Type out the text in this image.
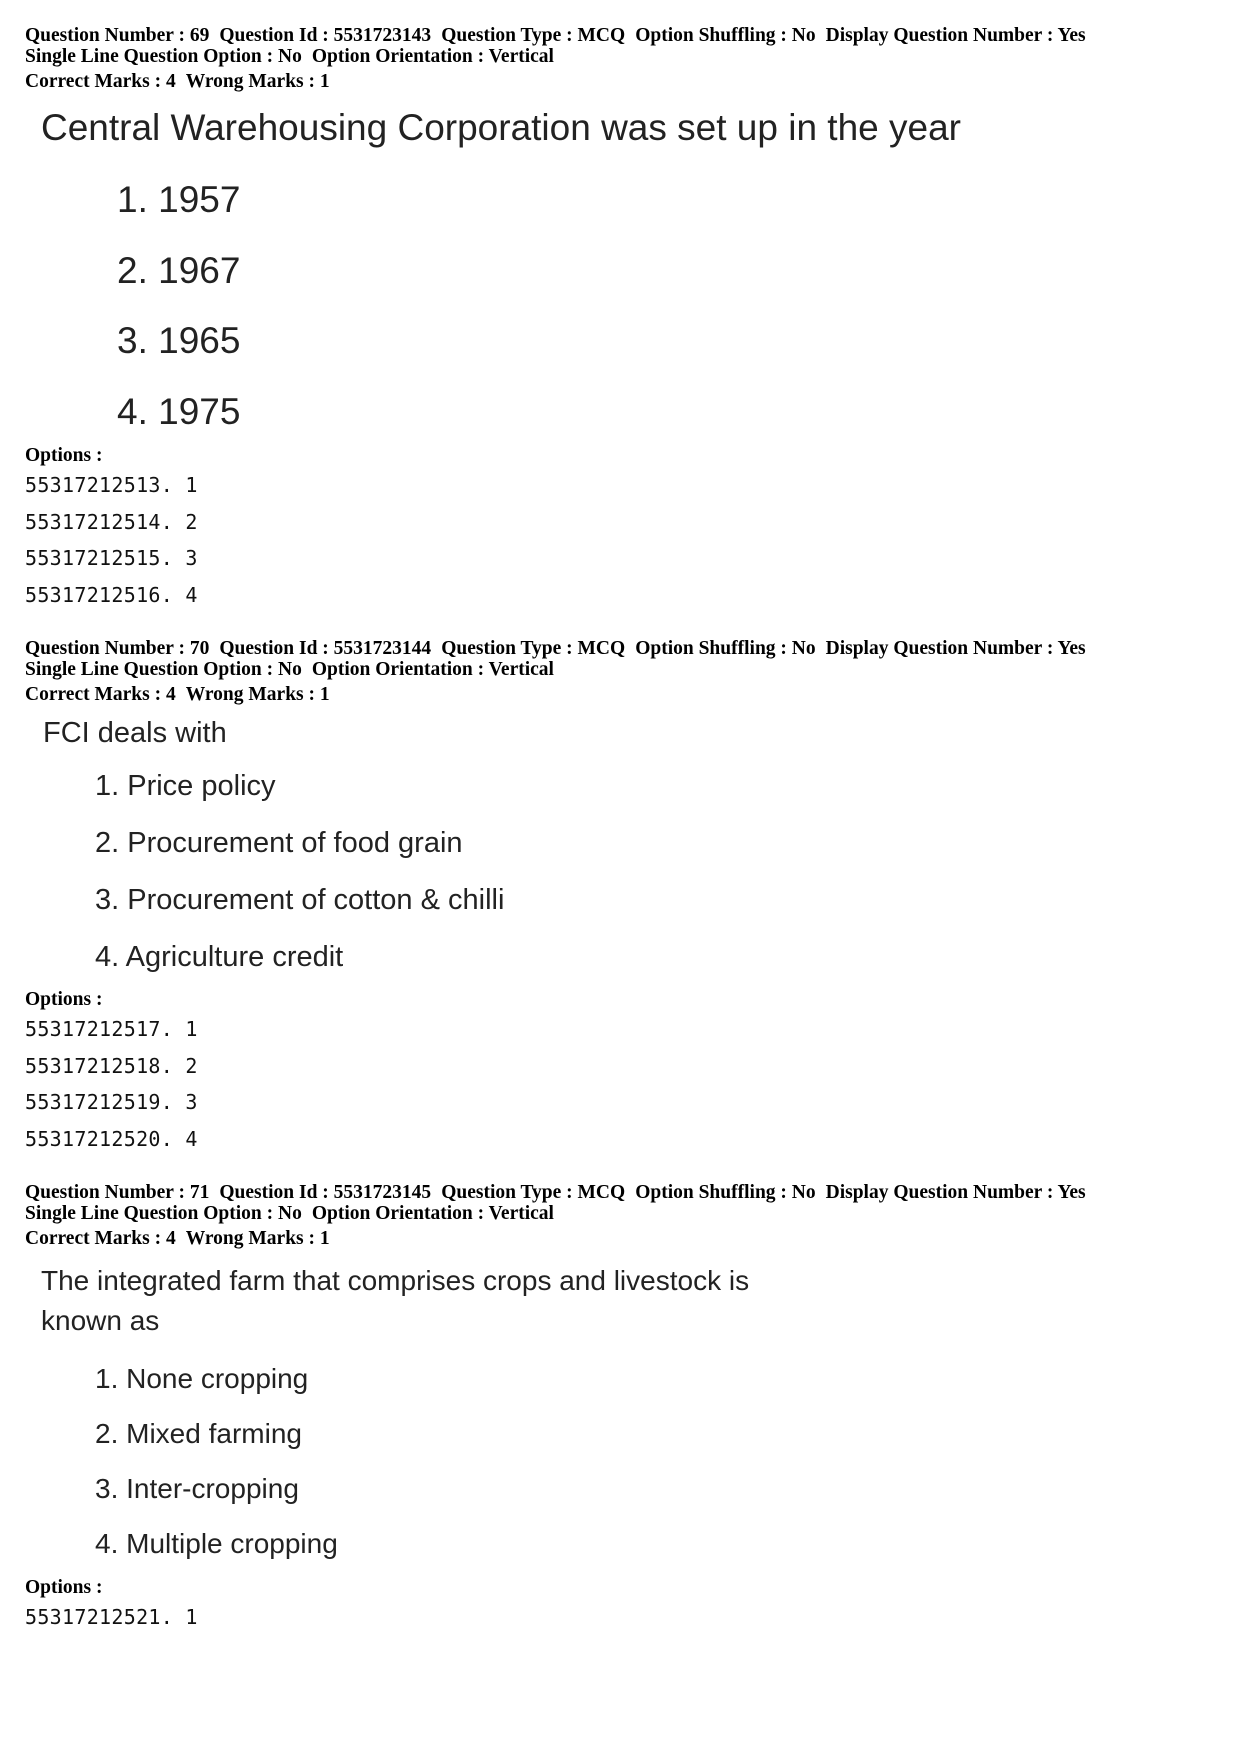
Question Number : 69 Question Id : 5531723143 Question Type : MCQ Option Shuffling : No Display Question Number : Yes
Single Line Question Option : No Option Orientation : Vertical
Correct Marks : 4 Wrong Marks : 1

Central Warehousing Corporation was set up in the year

1. 1957
2. 1967
3. 1965
4. 1975
Options :
55317212513. 1
55317212514. 2
55317212515. 3
55317212516. 4
Question Number : 70 Question Id : 5531723144 Question Type : MCQ Option Shuffling : No Display Question Number : Yes
Single Line Question Option : No Option Orientation : Vertical
Correct Marks : 4 Wrong Marks : 1

FCI deals with

1. Price policy
2. Procurement of food grain
3. Procurement of cotton & chilli
4. Agriculture credit
Options :
55317212517. 1
55317212518. 2
55317212519. 3
55317212520. 4
Question Number : 71 Question Id : 5531723145 Question Type : MCQ Option Shuffling : No Display Question Number : Yes
Single Line Question Option : No Option Orientation : Vertical
Correct Marks : 4 Wrong Marks : 1

The integrated farm that comprises crops and livestock is
known as

1. None cropping
2. Mixed farming
3. Inter-cropping
4. Multiple cropping
Options :
55317212521. 1
